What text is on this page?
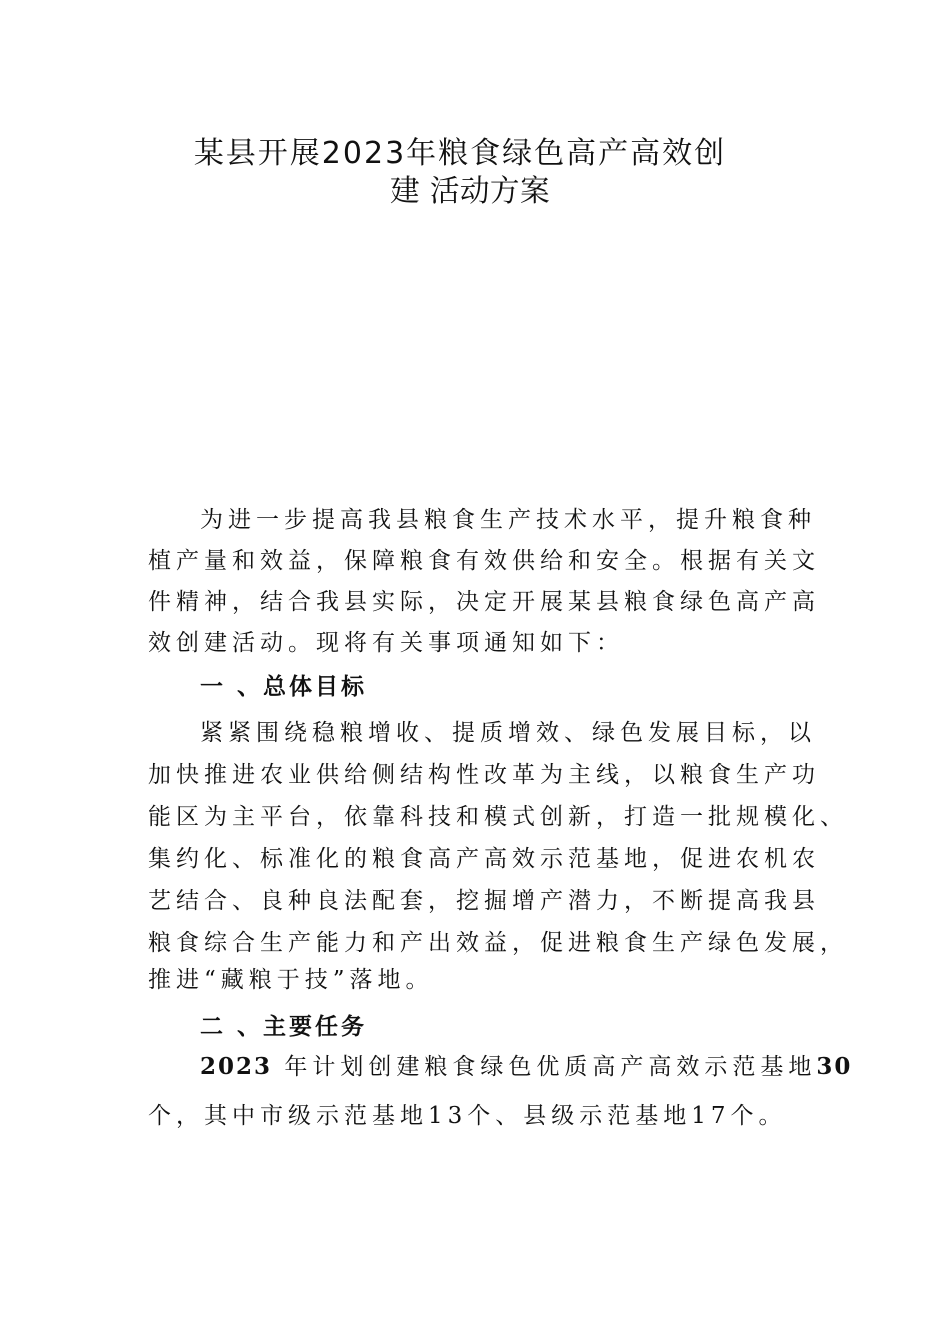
某县开展2023年粮食绿色高产高效创
建 活动方案

为进一步提高我县粮食生产技术水平，提升粮食种

植产量和效益，保障粮食有效供给和安全。根据有关文

件精神，结合我县实际，决定开展某县粮食绿色高产高

效创建活动。现将有关事项通知如下：

一 、总体目标

紧紧围绕稳粮增收、提质增效、绿色发展目标，以

加快推进农业供给侧结构性改革为主线，以粮食生产功

能区为主平台，依靠科技和模式创新，打造一批规模化、

集约化、标准化的粮食高产高效示范基地，促进农机农

艺结合、良种良法配套，挖掘增产潜力，不断提高我县

粮食综合生产能力和产出效益，促进粮食生产绿色发展，

推进“藏粮于技”落地。

二 、主要任务

2023 年计划创建粮食绿色优质高产高效示范基地30

个，其中市级示范基地13个、县级示范基地17个。
